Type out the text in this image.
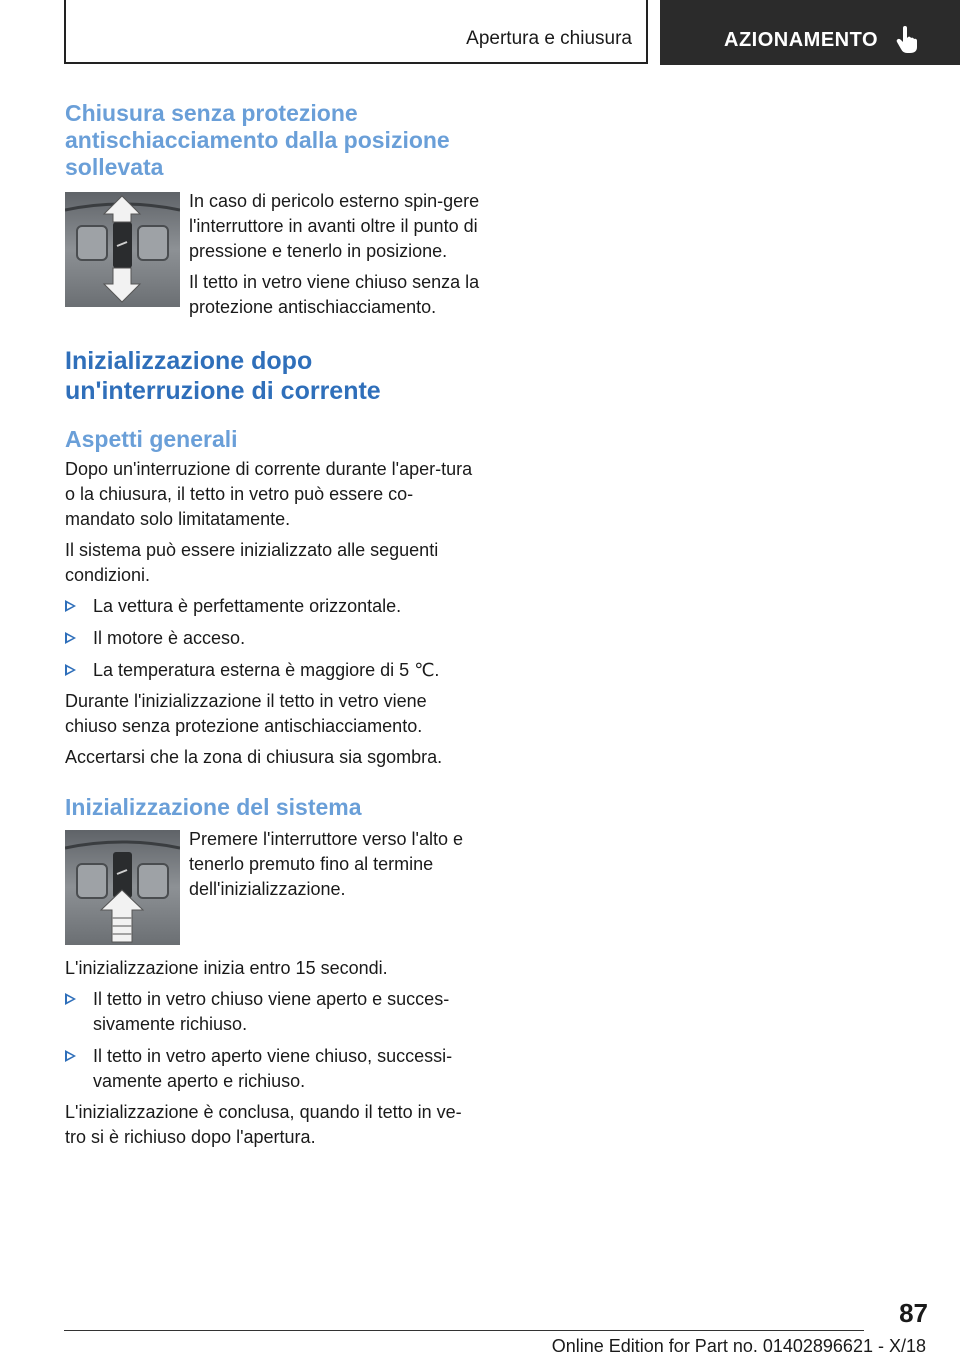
Apertura e chiusura	AZIONAMENTO
Chiusura senza protezione antischiacciamento dalla posizione sollevata

In caso di pericolo esterno spin-gere l'interruttore in avanti oltre il punto di pressione e tenerlo in posizione.

Il tetto in vetro viene chiuso senza la protezione antischiacciamento.

Inizializzazione dopo un'interruzione di corrente
Aspetti generali

Dopo un'interruzione di corrente durante l'aper-tura o la chiusura, il tetto in vetro può essere co-mandato solo limitatamente.

Il sistema può essere inizializzato alle seguenti condizioni.

La vettura è perfettamente orizzontale.
Il motore è acceso.
La temperatura esterna è maggiore di 5 ℃.

Durante l'inizializzazione il tetto in vetro viene chiuso senza protezione antischiacciamento.

Accertarsi che la zona di chiusura sia sgombra.

Inizializzazione del sistema

Premere l'interruttore verso l'alto e tenerlo premuto fino al termine dell'inizializzazione.

L'inizializzazione inizia entro 15 secondi.

Il tetto in vetro chiuso viene aperto e succes-sivamente richiuso.
Il tetto in vetro aperto viene chiuso, successi-vamente aperto e richiuso.

L'inizializzazione è conclusa, quando il tetto in ve-tro si è richiuso dopo l'apertura.

87
Online Edition for Part no. 01402896621 - X/18
